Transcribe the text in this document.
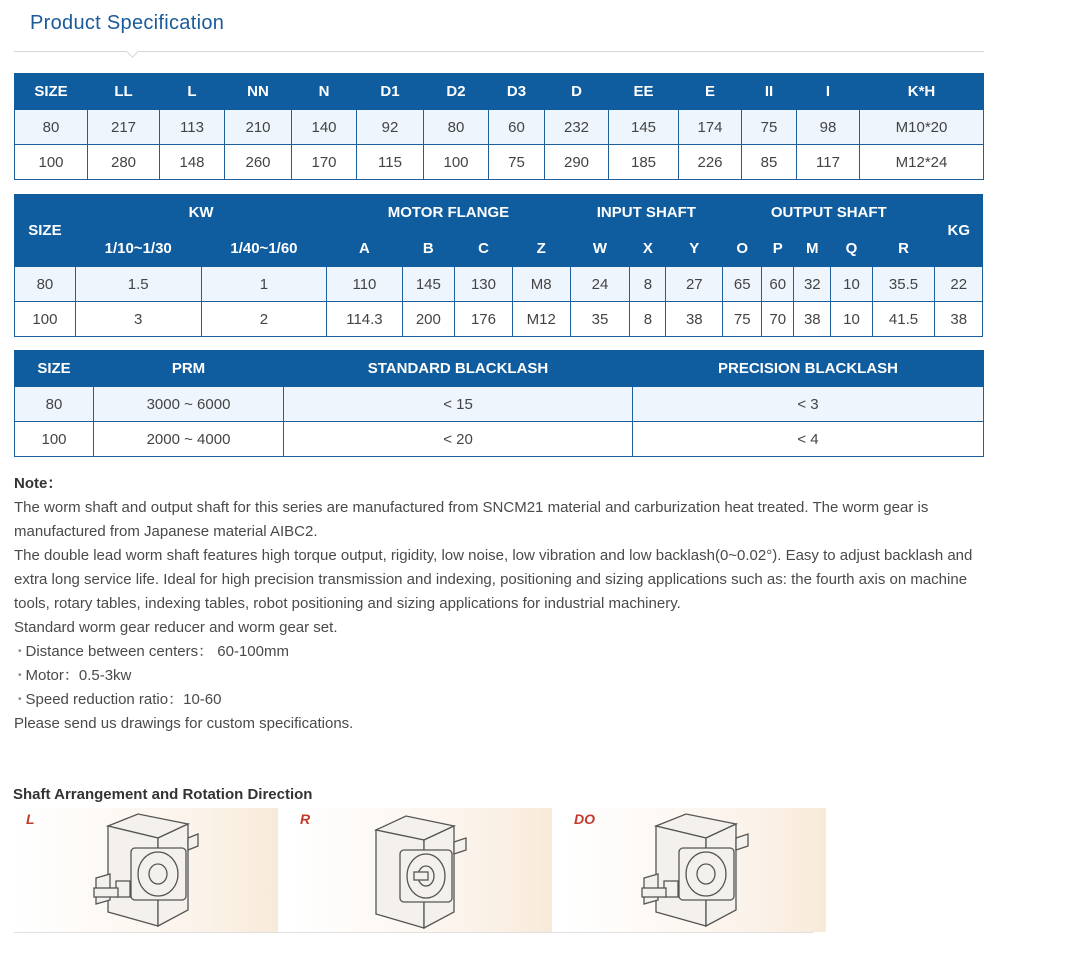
Product Specification
SIZE	LL	L	NN	N	D1	D2	D3	D	EE	E	II	I	K*H
80	217	113	210	140	92	80	60	232	145	174	75	98	M10*20
100	280	148	260	170	115	100	75	290	185	226	85	117	M12*24
SIZE	KW		MOTOR FLANGE				INPUT SHAFT			OUTPUT SHAFT					KG
	1/10~1/30	1/40~1/60	A	B	C	Z	W	X	Y	O	P	M	Q	R	
80	1.5	1	110	145	130	M8	24	8	27	65	60	32	10	35.5	22
100	3	2	114.3	200	176	M12	35	8	38	75	70	38	10	41.5	38
SIZE	PRM	STANDARD BLACKLASH	PRECISION BLACKLASH
80	3000 ~ 6000	< 15	< 3
100	2000 ~ 4000	< 20	< 4

Note：

The worm shaft and output shaft for this series are manufactured from SNCM21 material and carburization heat treated. The worm gear is manufactured from Japanese material AIBC2.

The double lead worm shaft features high torque output, rigidity, low noise, low vibration and low backlash(0~0.02°). Easy to adjust backlash and extra long service life. Ideal for high precision transmission and indexing, positioning and sizing applications such as: the fourth axis on machine tools, rotary tables, indexing tables, robot positioning and sizing applications for industrial machinery.

Standard worm gear reducer and worm gear set.

• Distance between centers： 60-100mm

• Motor：0.5-3kw

• Speed reduction ratio：10-60

Please send us drawings for custom specifications.

Shaft Arrangement and Rotation Direction
L	R	DO
